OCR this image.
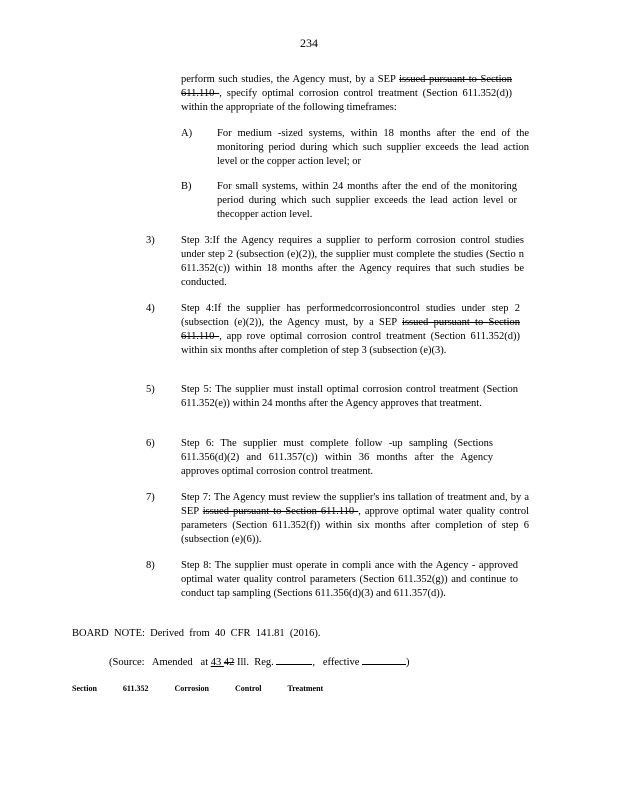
234
perform such studies, the Agency must, by a SEP issued pursuant to Section 611.110 , specify optimal corrosion control treatment (Section 611.352(d)) within the appropriate of the following timeframes:
A) For medium -sized systems, within 18 months after the end of the monitoring period during which such supplier exceeds the lead action level or the copper action level; or
B) For small systems, within 24 months after the end of the monitoring period during which such supplier exceeds the lead action level or thecopper action level.
3)	Step 3:If the Agency requires a supplier to perform corrosion control studies under step 2 (subsection (e)(2)), the supplier must complete the studies (Sectio n 611.352(c)) within 18 months after the Agency requires that such studies be conducted.
4)	Step 4:If the supplier has performedcorrosioncontrol studies under step 2 (subsection (e)(2)), the Agency must, by a SEP issued pursuant to Section 611.110 , app rove optimal corrosion control treatment (Section 611.352(d)) within six months after completion of step 3 (subsection (e)(3).
5)	Step 5: The supplier must install optimal corrosion control treatment (Section 611.352(e)) within 24 months after the Agency approves that treatment.
6)	Step 6: The supplier must complete follow -up sampling (Sections 611.356(d)(2) and 611.357(c)) within 36 months after the Agency approves optimal corrosion control treatment.
7)	Step 7: The Agency must review the supplier's ins tallation of treatment and, by a SEP issued pursuant to Section 611.110 , approve optimal water quality control parameters (Section 611.352(f)) within six months after completion of step 6 (subsection (e)(6)).
8)	Step 8: The supplier must operate in compli ance with the Agency - approved optimal water quality control parameters (Section 611.352(g)) and continue to conduct tap sampling (Sections 611.356(d)(3) and 611.357(d)).
BOARD  NOTE:  Derived  from  40  CFR  141.81  (2016).
(Source:   Amended   at 43 42 Ill.  Reg.	,   effective	)
Section	611.352	Corrosion	Control	Treatment
